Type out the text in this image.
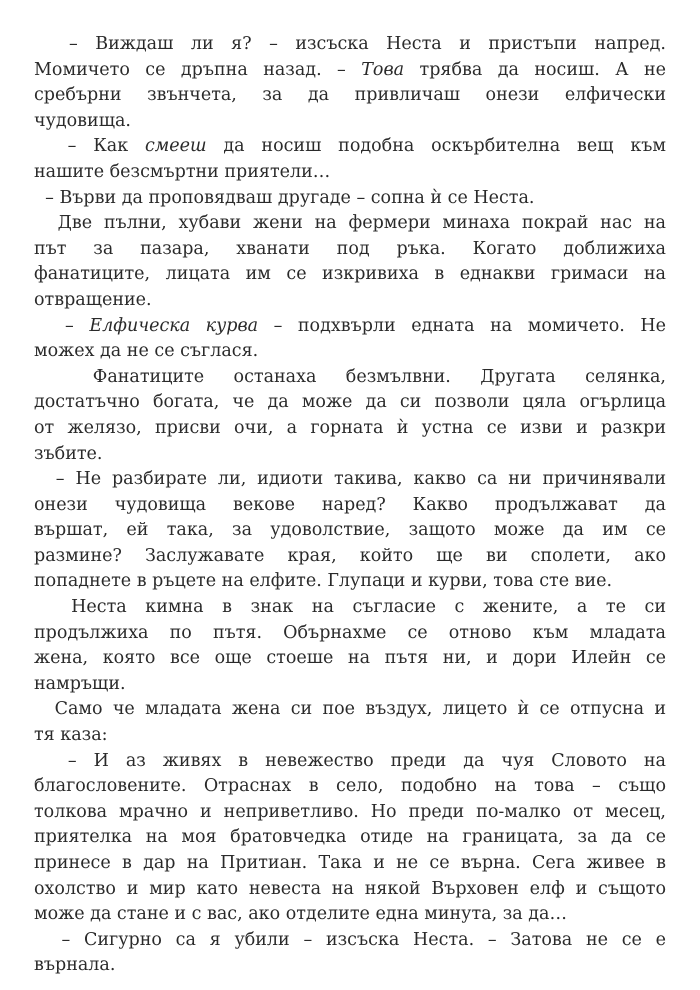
– Виждаш ли я? – изсъска Неста и пристъпи напред.
Момичето се дръпна назад. – Това трябва да носиш. А не
сребърни звънчета, за да привличаш онези елфически
чудовища.
– Как смееш да носиш подобна оскърбителна вещ към
нашите безсмъртни приятели…
– Върви да проповядваш другаде – сопна ѝ се Неста.
Две пълни, хубави жени на фермери минаха покрай нас на
път за пазара, хванати под ръка. Когато доближиха
фанатиците, лицата им се изкривиха в еднакви гримаси на
отвращение.
– Елфическа курва – подхвърли едната на момичето. Не
можех да не се съглася.
Фанатиците останаха безмълвни. Другата селянка,
достатъчно богата, че да може да си позволи цяла огърлица
от желязо, присви очи, а горната ѝ устна се изви и разкри
зъбите.
– Не разбирате ли, идиоти такива, какво са ни причинявали
онези чудовища векове наред? Какво продължават да
вършат, ей така, за удоволствие, защото може да им се
размине? Заслужавате края, който ще ви сполети, ако
попаднете в ръцете на елфите. Глупаци и курви, това сте вие.
Неста кимна в знак на съгласие с жените, а те си
продължиха по пътя. Обърнахме се отново към младата
жена, която все още стоеше на пътя ни, и дори Илейн се
намръщи.
Само че младата жена си пое въздух, лицето ѝ се отпусна и
тя каза:
– И аз живях в невежество преди да чуя Словото на
благословените. Отраснах в село, подобно на това – също
толкова мрачно и неприветливо. Но преди по-малко от месец,
приятелка на моя братовчедка отиде на границата, за да се
принесе в дар на Притиан. Така и не се върна. Сега живее в
охолство и мир като невеста на някой Върховен елф и същото
може да стане и с вас, ако отделите една минута, за да…
– Сигурно са я убили – изсъска Неста. – Затова не се е
върнала.
